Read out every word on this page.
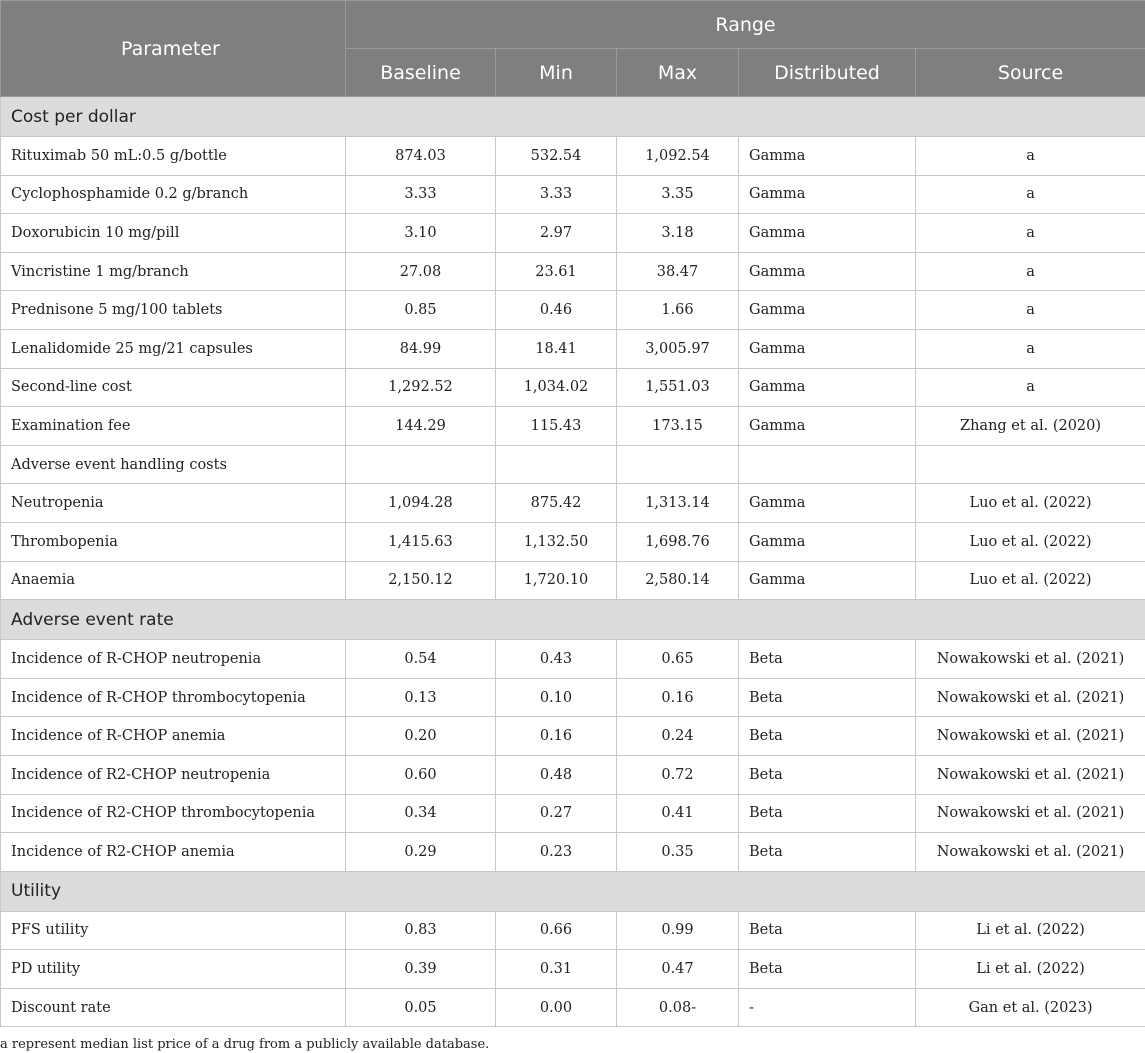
Parameter	Range				
	Baseline	Min	Max	Distributed	Source
Cost per dollar					
Rituximab 50 mL:0.5 g/bottle	874.03	532.54	1,092.54	Gamma	a
Cyclophosphamide 0.2 g/branch	3.33	3.33	3.35	Gamma	a
Doxorubicin 10 mg/pill	3.10	2.97	3.18	Gamma	a
Vincristine 1 mg/branch	27.08	23.61	38.47	Gamma	a
Prednisone 5 mg/100 tablets	0.85	0.46	1.66	Gamma	a
Lenalidomide 25 mg/21 capsules	84.99	18.41	3,005.97	Gamma	a
Second-line cost	1,292.52	1,034.02	1,551.03	Gamma	a
Examination fee	144.29	115.43	173.15	Gamma	Zhang et al. (2020)
Adverse event handling costs					
Neutropenia	1,094.28	875.42	1,313.14	Gamma	Luo et al. (2022)
Thrombopenia	1,415.63	1,132.50	1,698.76	Gamma	Luo et al. (2022)
Anaemia	2,150.12	1,720.10	2,580.14	Gamma	Luo et al. (2022)
Adverse event rate					
Incidence of R-CHOP neutropenia	0.54	0.43	0.65	Beta	Nowakowski et al. (2021)
Incidence of R-CHOP thrombocytopenia	0.13	0.10	0.16	Beta	Nowakowski et al. (2021)
Incidence of R-CHOP anemia	0.20	0.16	0.24	Beta	Nowakowski et al. (2021)
Incidence of R2-CHOP neutropenia	0.60	0.48	0.72	Beta	Nowakowski et al. (2021)
Incidence of R2-CHOP thrombocytopenia	0.34	0.27	0.41	Beta	Nowakowski et al. (2021)
Incidence of R2-CHOP anemia	0.29	0.23	0.35	Beta	Nowakowski et al. (2021)
Utility					
PFS utility	0.83	0.66	0.99	Beta	Li et al. (2022)
PD utility	0.39	0.31	0.47	Beta	Li et al. (2022)
Discount rate	0.05	0.00	0.08-	-	Gan et al. (2023)
a represent median list price of a drug from a publicly available database.
